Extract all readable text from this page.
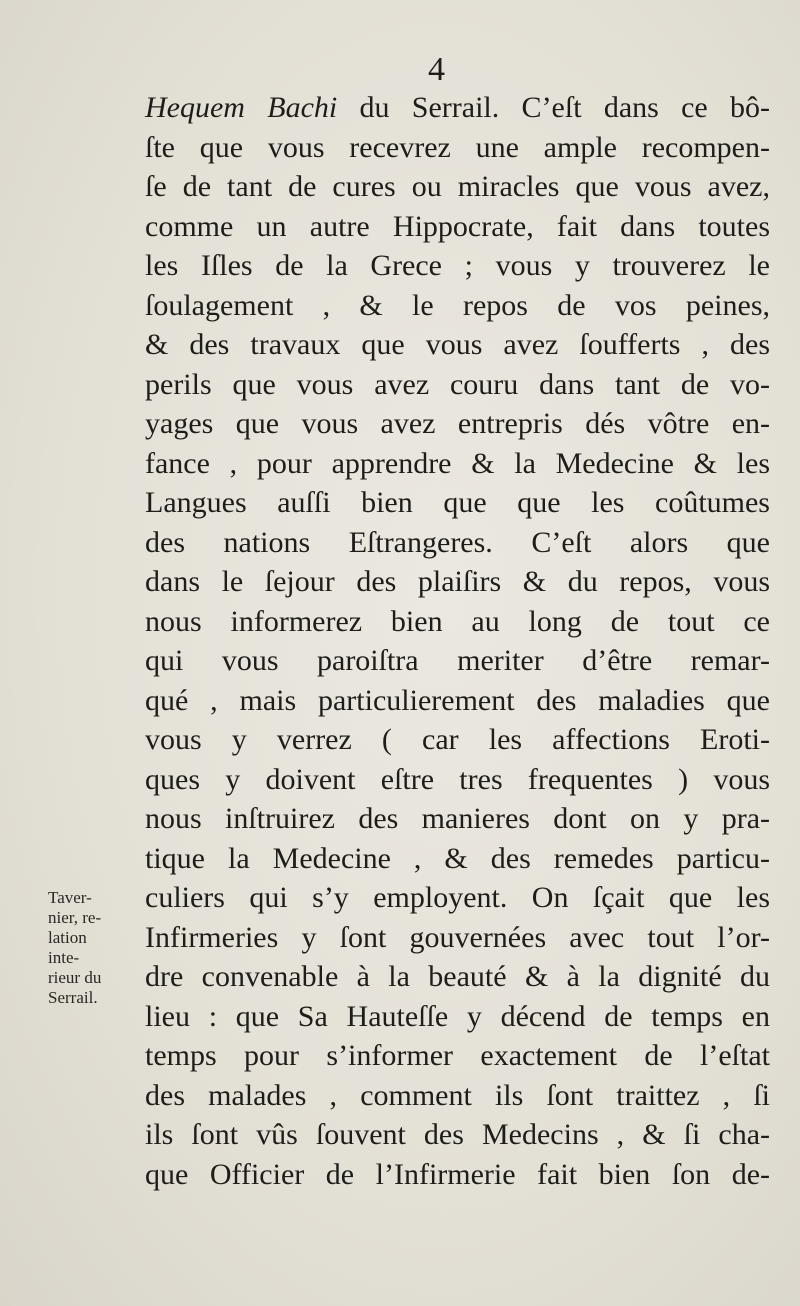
4
Hequem Bachi du Serrail. C’eſt dans ce bô-
ſte que vous recevrez une ample recompen-
ſe de tant de cures ou miracles que vous avez,
comme un autre Hippocrate, fait dans toutes
les Iſles de la Grece ; vous y trouverez le
ſoulagement , & le repos de vos peines,
& des travaux que vous avez ſoufferts , des
perils que vous avez couru dans tant de vo-
yages que vous avez entrepris dés vôtre en-
fance , pour apprendre & la Medecine & les
Langues auſſi bien que que les coûtumes
des nations Eſtrangeres. C’eſt alors que
dans le ſejour des plaiſirs & du repos, vous
nous informerez bien au long de tout ce
qui vous paroiſtra meriter d’être remar-
qué , mais particulierement des maladies que
vous y verrez ( car les affections Eroti-
ques y doivent eſtre tres frequentes ) vous
nous inſtruirez des manieres dont on y pra-
tique la Medecine , & des remedes particu-
culiers qui s’y employent. On ſçait que les
Infirmeries y ſont gouvernées avec tout l’or-
dre convenable à la beauté & à la dignité du
lieu : que Sa Hauteſſe y décend de temps en
temps pour s’informer exactement de l’eſtat
des malades , comment ils ſont traittez , ſi
ils ſont vûs ſouvent des Medecins , & ſi cha-
que Officier de l’Infirmerie fait bien ſon de-
Taver-
nier, re-
lation
inte-
rieur du
Serrail.
